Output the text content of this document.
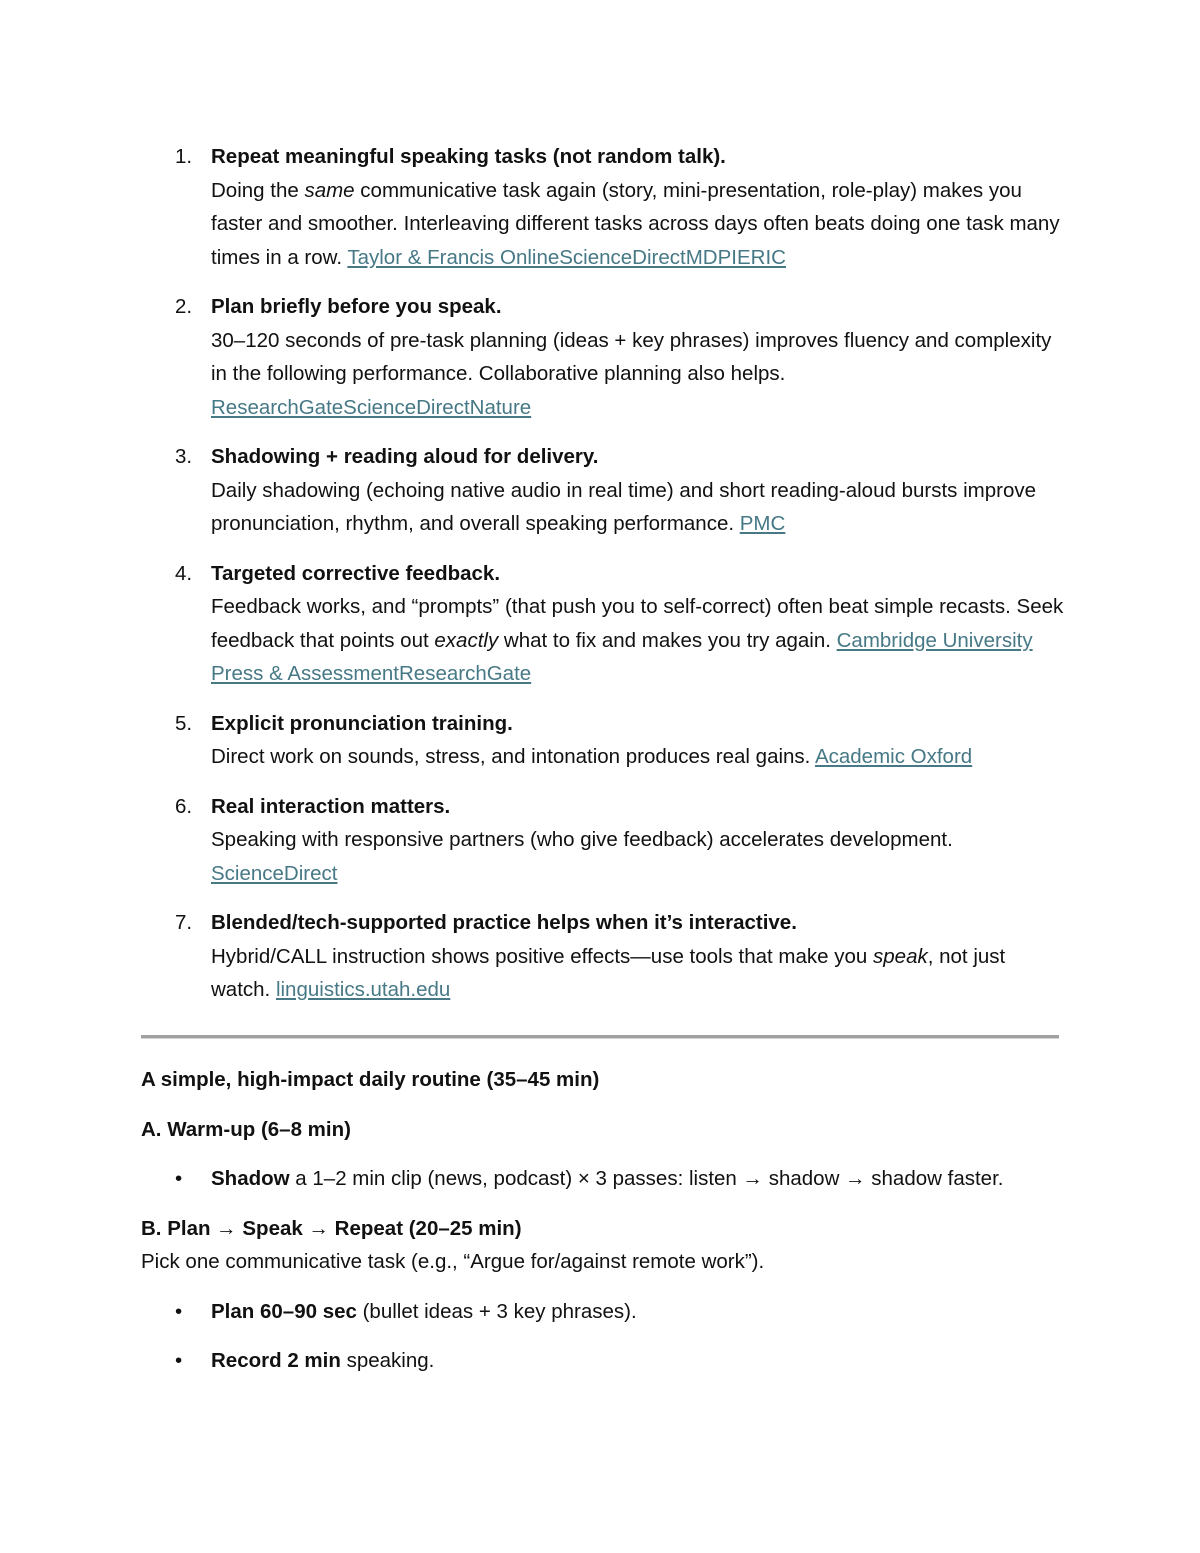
1. Repeat meaningful speaking tasks (not random talk).
Doing the same communicative task again (story, mini-presentation, role-play) makes you faster and smoother. Interleaving different tasks across days often beats doing one task many times in a row. Taylor & Francis OnlineScienceDirectMDPIERIC
2. Plan briefly before you speak.
30–120 seconds of pre-task planning (ideas + key phrases) improves fluency and complexity in the following performance. Collaborative planning also helps. ResearchGateScienceDirectNature
3. Shadowing + reading aloud for delivery.
Daily shadowing (echoing native audio in real time) and short reading-aloud bursts improve pronunciation, rhythm, and overall speaking performance. PMC
4. Targeted corrective feedback.
Feedback works, and “prompts” (that push you to self-correct) often beat simple recasts. Seek feedback that points out exactly what to fix and makes you try again. Cambridge University Press & AssessmentResearchGate
5. Explicit pronunciation training.
Direct work on sounds, stress, and intonation produces real gains. Academic Oxford
6. Real interaction matters.
Speaking with responsive partners (who give feedback) accelerates development. ScienceDirect
7. Blended/tech-supported practice helps when it’s interactive.
Hybrid/CALL instruction shows positive effects—use tools that make you speak, not just watch. linguistics.utah.edu
A simple, high-impact daily routine (35–45 min)
A. Warm-up (6–8 min)
• Shadow a 1–2 min clip (news, podcast) × 3 passes: listen → shadow → shadow faster.
B. Plan → Speak → Repeat (20–25 min)
Pick one communicative task (e.g., “Argue for/against remote work”).
• Plan 60–90 sec (bullet ideas + 3 key phrases).
• Record 2 min speaking.
